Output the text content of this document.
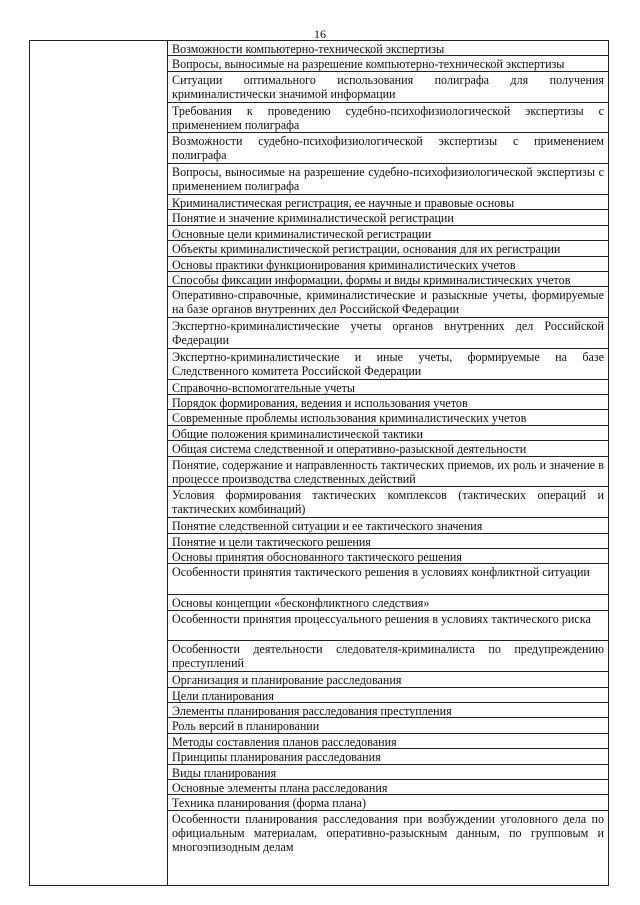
16
Возможности компьютерно-технической экспертизы
Вопросы, выносимые на разрешение компьютерно-технической экспертизы
Ситуации оптимального использования полиграфа для получения криминалистически значимой информации
Требования к проведению судебно-психофизиологической экспертизы с применением полиграфа
Возможности судебно-психофизиологической экспертизы с применением полиграфа
Вопросы, выносимые на разрешение судебно-психофизиологической экспертизы с применением полиграфа
Криминалистическая регистрация, ее научные и правовые основы
Понятие и значение криминалистической регистрации
Основные цели криминалистической регистрации
Объекты криминалистической регистрации, основания для их регистрации
Основы практики функционирования криминалистических учетов
Способы фиксации информации, формы и виды криминалистических учетов
Оперативно-справочные, криминалистические и разыскные учеты, формируемые на базе органов внутренних дел Российской Федерации
Экспертно-криминалистические учеты органов внутренних дел Российской Федерации
Экспертно-криминалистические и иные учеты, формируемые на базе Следственного комитета Российской Федерации
Справочно-вспомогательные учеты
Порядок формирования, ведения и использования учетов
Современные проблемы использования криминалистических учетов
Общие положения криминалистической тактики
Общая система следственной и оперативно-разыскной деятельности
Понятие, содержание и направленность тактических приемов, их роль и значение в процессе производства следственных действий
Условия формирования тактических комплексов (тактических операций и тактических комбинаций)
Понятие следственной ситуации и ее тактического значения
Понятие и цели тактического решения
Основы принятия обоснованного тактического решения
Особенности принятия тактического решения в условиях конфликтной ситуации
Основы концепции «бесконфликтного следствия»
Особенности принятия процессуального решения в условиях тактического риска
Особенности деятельности следователя-криминалиста по предупреждению преступлений
Организация и планирование расследования
Цели планирования
Элементы планирования расследования преступления
Роль версий в планировании
Методы составления планов расследования
Принципы планирования расследования
Виды планирования
Основные элементы плана расследования
Техника планирования (форма плана)
Особенности планирования расследования при возбуждении уголовного дела по официальным материалам, оперативно-разыскным данным, по групповым и многоэпизодным делам
